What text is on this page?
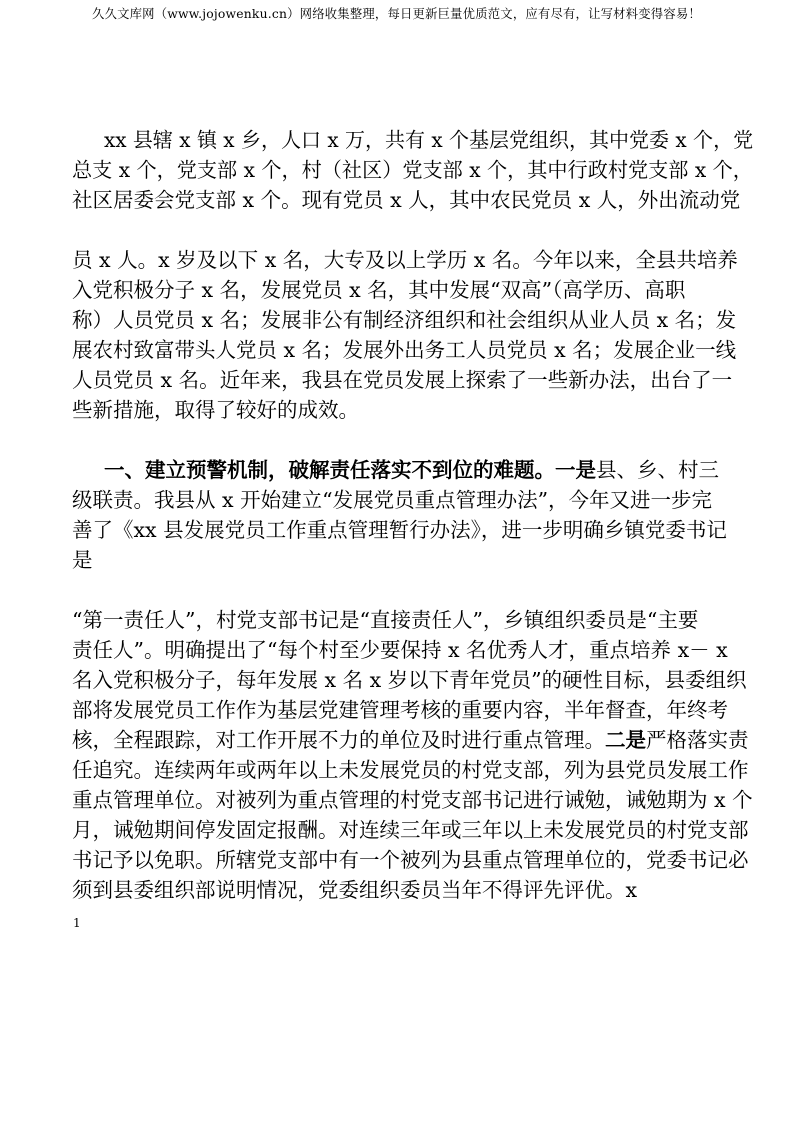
久久文库网（www.jojowenku.cn）网络收集整理，每日更新巨量优质范文，应有尽有，让写材料变得容易！
xx 县辖 x 镇 x 乡，人口 x 万，共有 x 个基层党组织，其中党委 x 个，党
总支 x 个，党支部 x 个，村（社区）党支部 x 个，其中行政村党支部 x 个，
社区居委会党支部 x 个。现有党员 x 人，其中农民党员 x 人，外出流动党
员 x 人。x 岁及以下 x 名，大专及以上学历 x 名。今年以来，全县共培养
入党积极分子 x 名，发展党员 x 名，其中发展“双高”（高学历、高职
称）人员党员 x 名；发展非公有制经济组织和社会组织从业人员 x 名；发
展农村致富带头人党员 x 名；发展外出务工人员党员 x 名；发展企业一线
人员党员 x 名。近年来，我县在党员发展上探索了一些新办法，出台了一
些新措施，取得了较好的成效。
一、建立预警机制，破解责任落实不到位的难题。一是县、乡、村三
级联责。我县从 x 开始建立“发展党员重点管理办法”，今年又进一步完
善了《xx 县发展党员工作重点管理暂行办法》，进一步明确乡镇党委书记
是
“第一责任人”，村党支部书记是“直接责任人”，乡镇组织委员是“主要
责任人”。明确提出了“每个村至少要保持 x 名优秀人才，重点培养 x－ x
名入党积极分子，每年发展 x 名 x 岁以下青年党员”的硬性目标，县委组织
部将发展党员工作作为基层党建管理考核的重要内容，半年督查，年终考
核，全程跟踪，对工作开展不力的单位及时进行重点管理。二是严格落实责
任追究。连续两年或两年以上未发展党员的村党支部，列为县党员发展工作
重点管理单位。对被列为重点管理的村党支部书记进行诫勉，诫勉期为 x 个
月，诫勉期间停发固定报酬。对连续三年或三年以上未发展党员的村党支部
书记予以免职。所辖党支部中有一个被列为县重点管理单位的，党委书记必
须到县委组织部说明情况，党委组织委员当年不得评先评优。x
1
